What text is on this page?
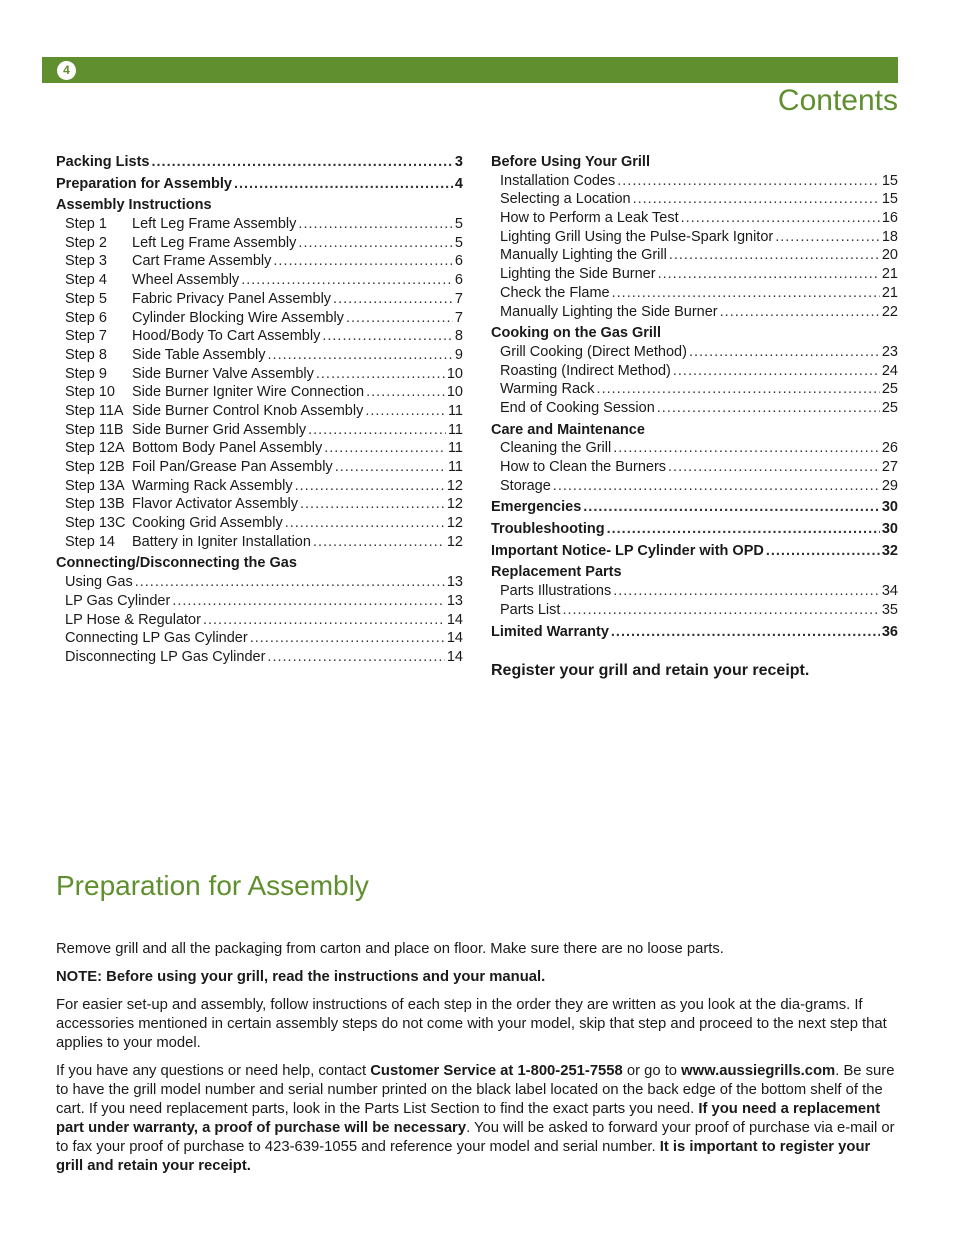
4
Contents
Packing Lists .....	3
Preparation for Assembly .....	4
Assembly Instructions
Step 1	Left Leg Frame Assembly .....	5
Step 2	Left Leg Frame Assembly .....	5
Step 3	Cart Frame Assembly .....	6
Step 4	Wheel Assembly .....	6
Step 5	Fabric Privacy Panel Assembly .....	7
Step 6	Cylinder Blocking Wire Assembly .....	7
Step 7	Hood/Body To Cart Assembly .....	8
Step 8	Side Table Assembly .....	9
Step 9	Side Burner Valve Assembly .....	10
Step 10	Side Burner Igniter Wire Connection .....	10
Step 11A Side Burner Control Knob Assembly .....	11
Step 11B Side Burner Grid Assembly .....	11
Step 12A Bottom Body Panel Assembly .....	11
Step 12B Foil Pan/Grease Pan Assembly .....	11
Step 13A Warming Rack Assembly .....	12
Step 13B Flavor Activator Assembly .....	12
Step 13C Cooking Grid Assembly .....	12
Step 14	Battery in Igniter Installation .....	12
Connecting/Disconnecting the Gas
Using Gas .....	13
LP Gas Cylinder .....	13
LP Hose & Regulator .....	14
Connecting LP Gas Cylinder .....	14
Disconnecting LP Gas Cylinder .....	14
Before Using Your Grill
Installation Codes .....	15
Selecting a Location .....	15
How to Perform a Leak Test .....	16
Lighting Grill Using the Pulse-Spark Ignitor .....	18
Manually Lighting the Grill .....	20
Lighting the Side Burner .....	21
Check the Flame .....	21
Manually Lighting the Side Burner .....	22
Cooking on the Gas Grill
Grill Cooking (Direct Method) .....	23
Roasting (Indirect Method) .....	24
Warming Rack .....	25
End of Cooking Session .....	25
Care and Maintenance
Cleaning the Grill .....	26
How to Clean the Burners .....	27
Storage .....	29
Emergencies .....	30
Troubleshooting .....	30
Important Notice- LP Cylinder with OPD .....	32
Replacement Parts
Parts Illustrations .....	34
Parts List .....	35
Limited Warranty .....	36
Register your grill and retain your receipt.
Preparation for Assembly
Remove grill and all the packaging from carton and place on floor. Make sure there are no loose parts.
NOTE: Before using your grill, read the instructions and your manual.
For easier set-up and assembly, follow instructions of each step in the order they are written as you look at the dia-grams. If accessories mentioned in certain assembly steps do not come with your model, skip that step and proceed to the next step that applies to your model.
If you have any questions or need help, contact Customer Service at 1-800-251-7558 or go to www.aussiegrills.com. Be sure to have the grill model number and serial number printed on the black label located on the back edge of the bottom shelf of the cart. If you need replacement parts, look in the Parts List Section to find the exact parts you need. If you need a replacement part under warranty, a proof of purchase will be necessary. You will be asked to forward your proof of purchase via e-mail or to fax your proof of purchase to 423-639-1055 and reference your model and serial number. It is important to register your grill and retain your receipt.
